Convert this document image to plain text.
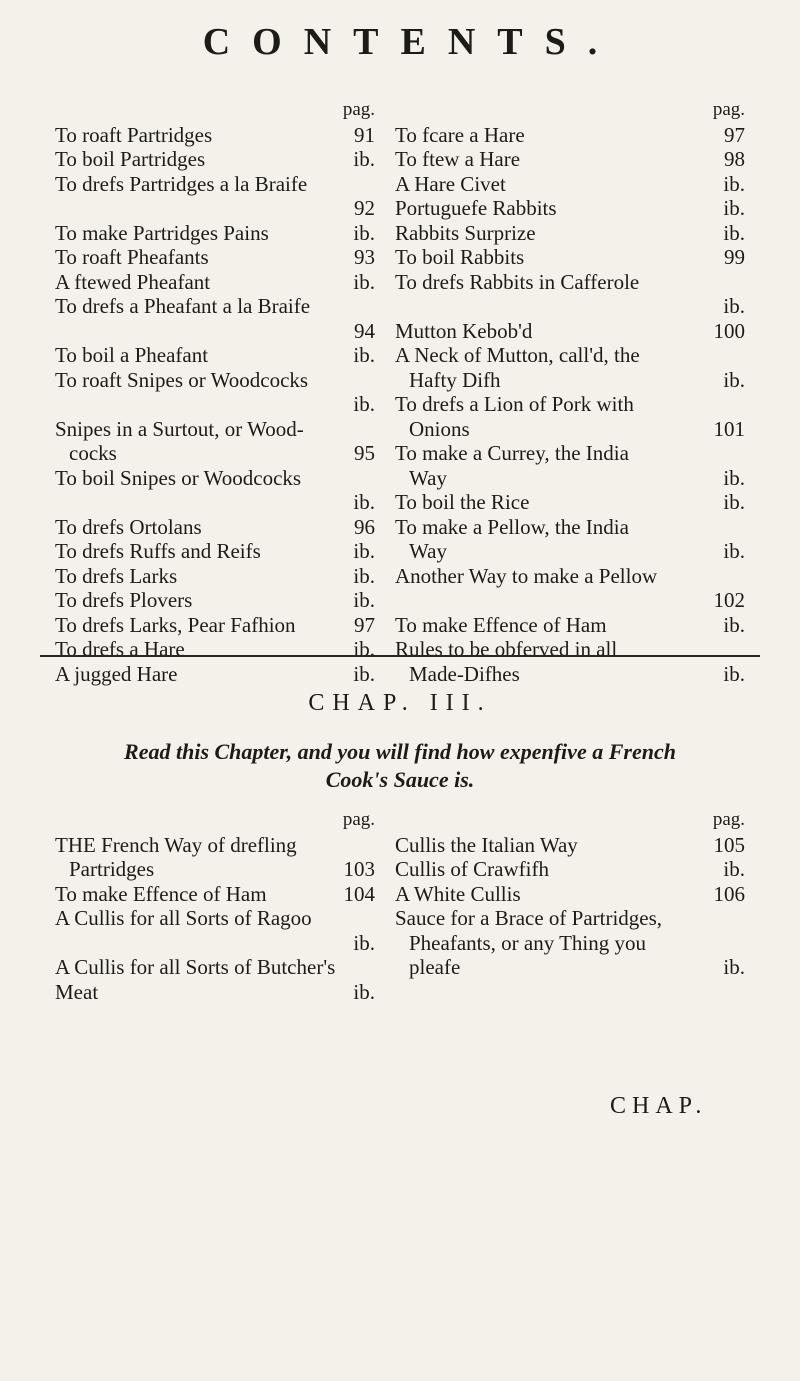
CONTENTS.
pag.
To roaft Partridges	91
To boil Partridges	ib.
To drefs Partridges a la Braife
92
To make Partridges Pains	ib.
To roaft Pheafants	93
A ftewed Pheafant	ib.
To drefs a Pheafant a la Braife
94
To boil a Pheafant	ib.
To roaft Snipes or Woodcocks
ib.
Snipes in a Surtout, or Wood-
cocks	95
To boil Snipes or Woodcocks
ib.
To drefs Ortolans	96
To drefs Ruffs and Reifs	ib.
To drefs Larks	ib.
To drefs Plovers	ib.
To drefs Larks, Pear Fafhion	97
To drefs a Hare	ib.
A jugged Hare	ib.
pag.
To fcare a Hare	97
To ftew a Hare	98
A Hare Civet	ib.
Portuguefe Rabbits	ib.
Rabbits Surprize	ib.
To boil Rabbits	99
To drefs Rabbits in Cafferole
ib.
Mutton Kebob'd	100
A Neck of Mutton, call'd, the
Hafty Difh	ib.
To drefs a Lion of Pork with
Onions	101
To make a Currey, the India
Way	ib.
To boil the Rice	ib.
To make a Pellow, the India
Way	ib.
Another Way to make a Pellow
102
To make Effence of Ham	ib.
Rules to be obferved in all
Made-Difhes	ib.
CHAP. III.
Read this Chapter, and you will find how expenfive a French
Cook's Sauce is.
pag.
THE French Way of drefling
Partridges	103
To make Effence of Ham	104
A Cullis for all Sorts of Ragoo
ib.
A Cullis for all Sorts of Butcher's
Meat	ib.
pag.
Cullis the Italian Way	105
Cullis of Crawfifh	ib.
A White Cullis	106
Sauce for a Brace of Partridges,
Pheafants, or any Thing you
pleafe	ib.
CHAP.
